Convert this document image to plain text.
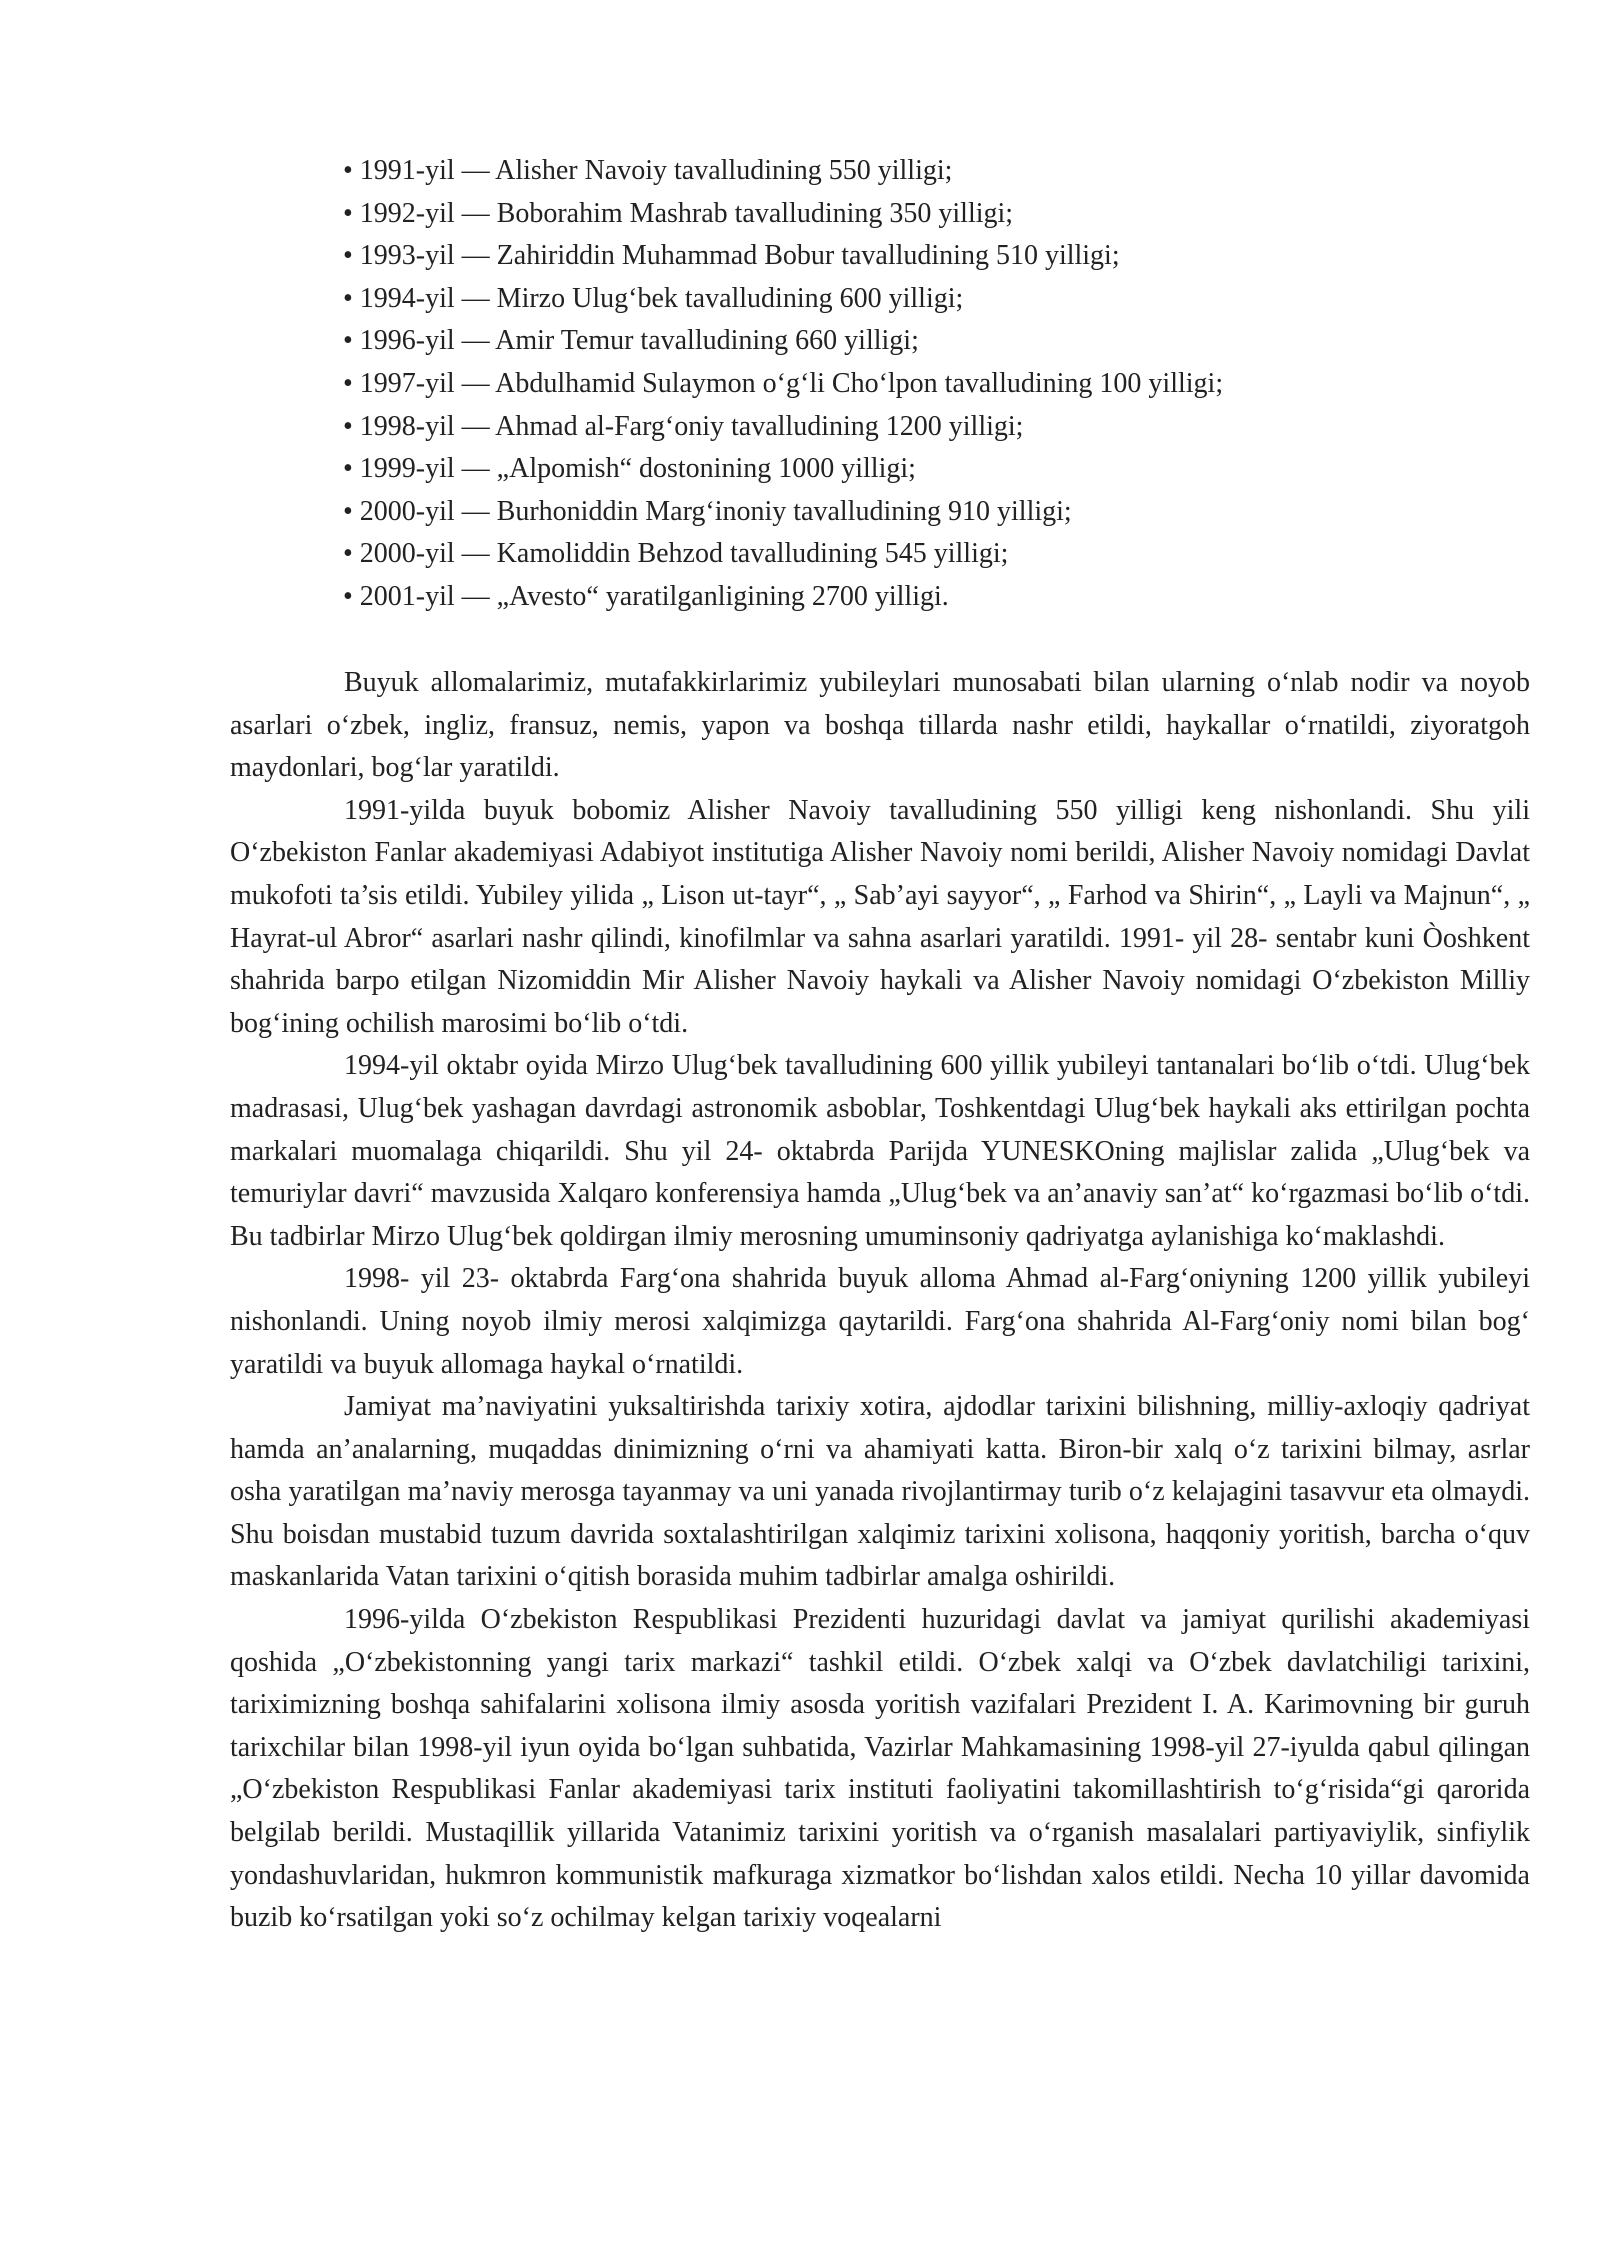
• 1991-yil — Alisher Navoiy tavalludining 550 yilligi;
• 1992-yil — Boborahim Mashrab tavalludining 350 yilligi;
• 1993-yil — Zahiriddin Muhammad Bobur tavalludining 510 yilligi;
• 1994-yil — Mirzo Ulug‘bek tavalludining 600 yilligi;
• 1996-yil — Amir Temur tavalludining 660 yilligi;
• 1997-yil — Abdulhamid Sulaymon o‘g‘li Cho‘lpon tavalludining 100 yilligi;
• 1998-yil — Ahmad al-Farg‘oniy tavalludining 1200 yilligi;
• 1999-yil — „Alpomish“ dostonining 1000 yilligi;
• 2000-yil — Burhoniddin Marg‘inoniy tavalludining 910 yilligi;
• 2000-yil — Kamoliddin Behzod tavalludining 545 yilligi;
• 2001-yil — „Avesto“ yaratilganligining 2700 yilligi.

Buyuk allomalarimiz, mutafakkirlarimiz yubileylari munosabati bilan ularning o‘nlab nodir va noyob asarlari o‘zbek, ingliz, fransuz, nemis, yapon va boshqa tillarda nashr etildi, haykallar o‘rnatildi, ziyoratgoh maydonlari, bog‘lar yaratildi.

1991-yilda buyuk bobomiz Alisher Navoiy tavalludining 550 yilligi keng nishonlandi. Shu yili O‘zbekiston Fanlar akademiyasi Adabiyot institutiga Alisher Navoiy nomi berildi, Alisher Navoiy nomidagi Davlat mukofoti ta’sis etildi. Yubiley yilida „ Lison ut-tayr“, „ Sab’ayi sayyor“, „ Farhod va Shirin“, „ Layli va Majnun“, „ Hayrat-ul Abror“ asarlari nashr qilindi, kinofilmlar va sahna asarlari yaratildi. 1991- yil 28- sentabr kuni Òoshkent shahrida barpo etilgan Nizomiddin Mir Alisher Navoiy haykali va Alisher Navoiy nomidagi O‘zbekiston Milliy bog‘ining ochilish marosimi bo‘lib o‘tdi.

1994-yil oktabr oyida Mirzo Ulug‘bek tavalludining 600 yillik yubileyi tantanalari bo‘lib o‘tdi. Ulug‘bek madrasasi, Ulug‘bek yashagan davrdagi astronomik asboblar, Toshkentdagi Ulug‘bek haykali aks ettirilgan pochta markalari muomalaga chiqarildi. Shu yil 24- oktabrda Parijda YUNESKOning majlislar zalida „Ulug‘bek va temuriylar davri“ mavzusida Xalqaro konferensiya hamda „Ulug‘bek va an’anaviy san’at“ ko‘rgazmasi bo‘lib o‘tdi. Bu tadbirlar Mirzo Ulug‘bek qoldirgan ilmiy merosning umuminsoniy qadriyatga aylanishiga ko‘maklashdi.

1998- yil 23- oktabrda Farg‘ona shahrida buyuk alloma Ahmad al-Farg‘oniyning 1200 yillik yubileyi nishonlandi. Uning noyob ilmiy merosi xalqimizga qaytarildi. Farg‘ona shahrida Al-Farg‘oniy nomi bilan bog‘ yaratildi va buyuk allomaga haykal o‘rnatildi.

Jamiyat ma’naviyatini yuksaltirishda tarixiy xotira, ajdodlar tarixini bilishning, milliy-axloqiy qadriyat hamda an’analarning, muqaddas dinimizning o‘rni va ahamiyati katta. Biron-bir xalq o‘z tarixini bilmay, asrlar osha yaratilgan ma’naviy merosga tayanmay va uni yanada rivojlantirmay turib o‘z kelajagini tasavvur eta olmaydi. Shu boisdan mustabid tuzum davrida soxtalashtirilgan xalqimiz tarixini xolisona, haqqoniy yoritish, barcha o‘quv maskanlarida Vatan tarixini o‘qitish borasida muhim tadbirlar amalga oshirildi.

1996-yilda O‘zbekiston Respublikasi Prezidenti huzuridagi davlat va jamiyat qurilishi akademiyasi qoshida „O‘zbekistonning yangi tarix markazi“ tashkil etildi. O‘zbek xalqi va O‘zbek davlatchiligi tarixini, tariximizning boshqa sahifalarini xolisona ilmiy asosda yoritish vazifalari Prezident I. A. Karimovning bir guruh tarixchilar bilan 1998-yil iyun oyida bo‘lgan suhbatida, Vazirlar Mahkamasining 1998-yil 27-iyulda qabul qilingan „O‘zbekiston Respublikasi Fanlar akademiyasi tarix instituti faoliyatini takomillashtirish to‘g‘risida“gi qarorida belgilab berildi. Mustaqillik yillarida Vatanimiz tarixini yoritish va o‘rganish masalalari partiyaviylik, sinfiylik yondashuvlaridan, hukmron kommunistik mafkuraga xizmatkor bo‘lishdan xalos etildi. Necha 10 yillar davomida buzib ko‘rsatilgan yoki so‘z ochilmay kelgan tarixiy voqealarni
